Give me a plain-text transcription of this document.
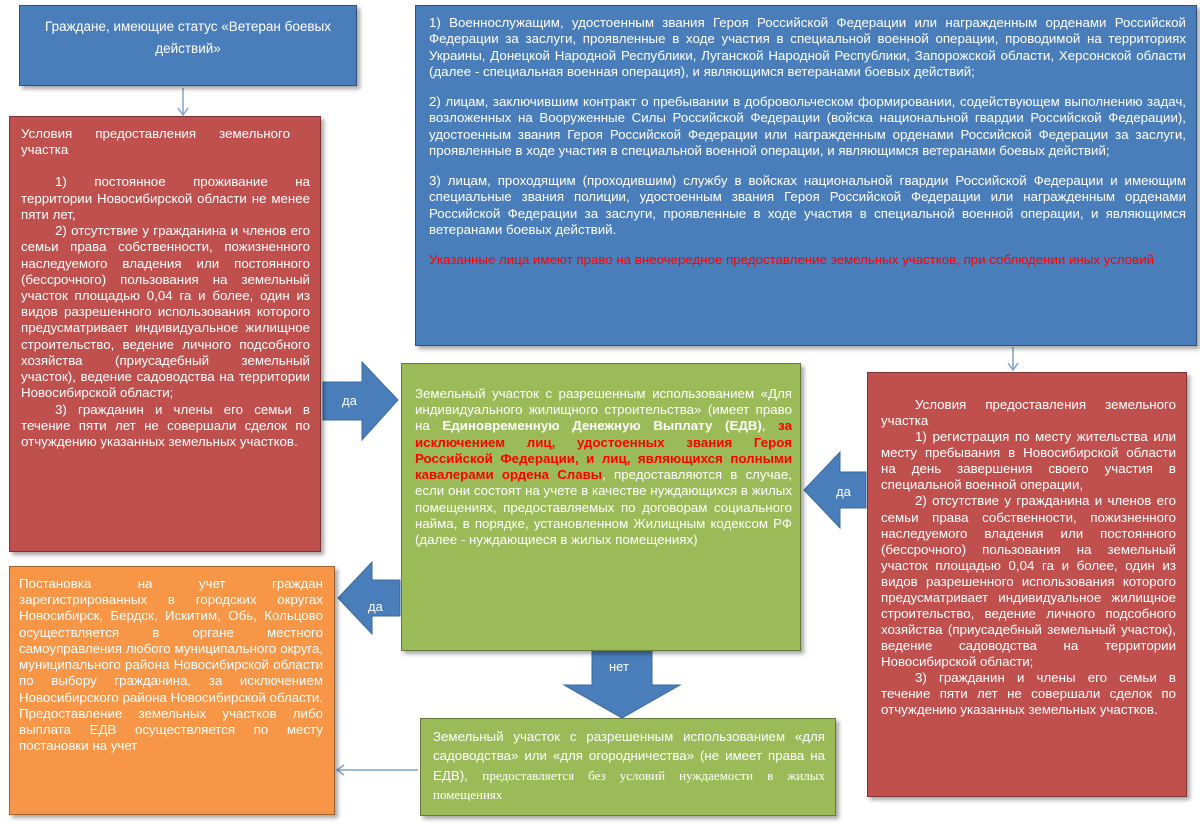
да
да
да
нет

Граждане, имеющие статус «Ветеран боевых действий»

1) Военнослужащим, удостоенным звания Героя Российской Федерации или награжденным орденами Российской Федерации за заслуги, проявленные в ходе участия в специальной военной операции, проводимой на территориях Украины, Донецкой Народной Республики, Луганской Народной Республики, Запорожской области, Херсонской области (далее - специальная военная операция), и являющимся ветеранами боевых действий;

2) лицам, заключившим контракт о пребывании в добровольческом формировании, содействующем выполнению задач, возложенных на Вооруженные Силы Российской Федерации (войска национальной гвардии Российской Федерации), удостоенным звания Героя Российской Федерации или награжденным орденами Российской Федерации за заслуги, проявленные в ходе участия в специальной военной операции, и являющимся ветеранами боевых действий;

3) лицам, проходящим (проходившим) службу в войсках национальной гвардии Российской Федерации и имеющим специальные звания полиции, удостоенным звания Героя Российской Федерации или награжденным орденами Российской Федерации за заслуги, проявленные в ходе участия в специальной военной операции, и являющимся ветеранами боевых действий.

Указанные лица имеют право на внеочередное предоставление земельных участков, при соблюдении иных условий

Условия предоставления земельного участка

1) постоянное проживание на территории Новосибирской области не менее пяти лет,

2) отсутствие у гражданина и членов его семьи права собственности, пожизненного наследуемого владения или постоянного (бессрочного) пользования на земельный участок площадью 0,04 га и более, один из видов разрешенного использования которого предусматривает индивидуальное жилищное строительство, ведение личного подсобного хозяйства (приусадебный земельный участок), ведение садоводства на территории Новосибирской области;

3) гражданин и члены его семьи в течение пяти лет не совершали сделок по отчуждению указанных земельных участков.

Земельный участок с разрешенным использованием «Для индивидуального жилищного строительства» (имеет право на Единовременную Денежную Выплату (ЕДВ), за исключением лиц, удостоенных звания Героя Российской Федерации, и лиц, являющихся полными кавалерами ордена Славы, предоставляются в случае, если они состоят на учете в качестве нуждающихся в жилых помещениях, предоставляемых по договорам социального найма, в порядке, установленном Жилищным кодексом РФ (далее - нуждающиеся в жилых помещениях)

Условия предоставления земельного участка

1) регистрация по месту жительства или месту пребывания в Новосибирской области на день завершения своего участия в специальной военной операции,

2) отсутствие у гражданина и членов его семьи права собственности, пожизненного наследуемого владения или постоянного (бессрочного) пользования на земельный участок площадью 0,04 га и более, один из видов разрешенного использования которого предусматривает индивидуальное жилищное строительство, ведение личного подсобного хозяйства (приусадебный земельный участок), ведение садоводства на территории Новосибирской области;

3) гражданин и члены его семьи в течение пяти лет не совершали сделок по отчуждению указанных земельных участков.

Постановка на учет граждан зарегистрированных в городских округах Новосибирск, Бердск, Искитим, Обь, Кольцово осуществляется в органе местного самоуправления любого муниципального округа, муниципального района Новосибирской области по выбору гражданина, за исключением Новосибирского района Новосибирской области. Предоставление земельных участков либо выплата ЕДВ осуществляется по месту постановки на учет

Земельный участок с разрешенным использованием «для садоводства» или «для огородничества» (не имеет права на ЕДВ), предоставляется без условий нуждаемости в жилых помещениях
